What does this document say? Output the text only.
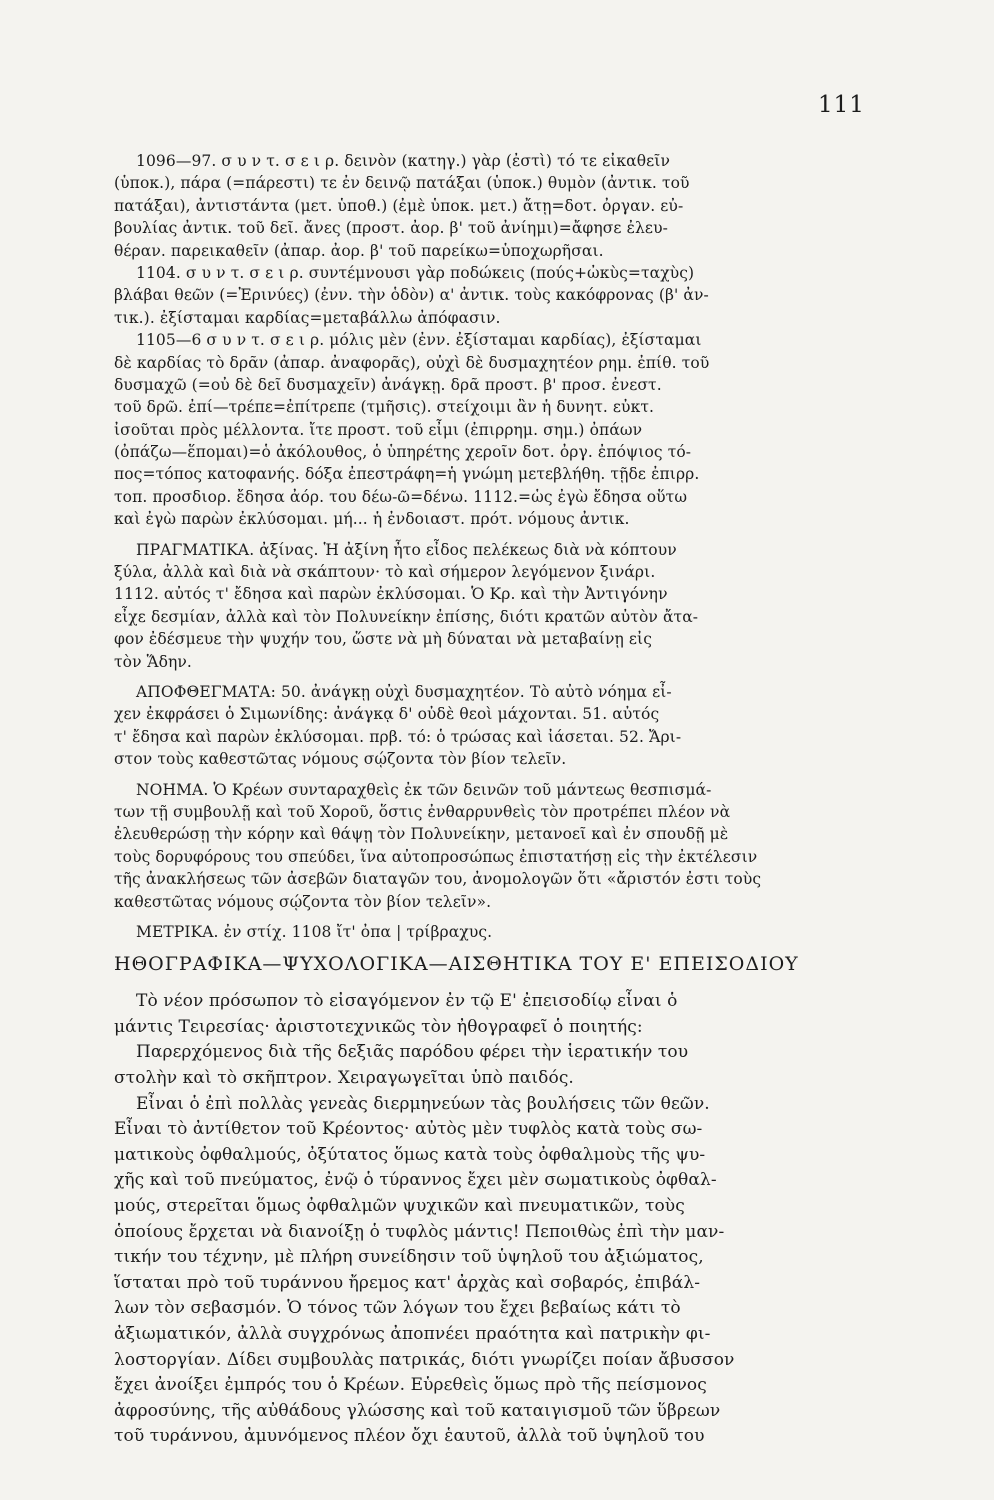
111
1096—97. σ υ ν τ. σ ε ι ρ. δεινὸν (κατηγ.) γὰρ (ἐστὶ) τό τε εἰκαθεῖν
(ὑποκ.), πάρα (=πάρεστι) τε ἐν δεινῷ πατάξαι (ὑποκ.) θυμὸν (ἀντικ. τοῦ
πατάξαι), ἀντιστάντα (μετ. ὑποθ.) (ἐμὲ ὑποκ. μετ.) ἄτῃ=δοτ. ὀργαν. εὐ-
βουλίας ἀντικ. τοῦ δεῖ. ἄνες (προστ. ἀορ. β' τοῦ ἀνίημι)=ἄφησε ἐλευ-
θέραν. παρεικαθεῖν (ἀπαρ. ἀορ. β' τοῦ παρείκω=ὑποχωρῆσαι.
1104. σ υ ν τ. σ ε ι ρ. συντέμνουσι γὰρ ποδώκεις (πούς+ὠκὺς=ταχὺς)
βλάβαι θεῶν (=Ἐρινύες) (ἐνν. τὴν ὁδὸν) α' ἀντικ. τοὺς κακόφρονας (β' ἀν-
τικ.). ἐξίσταμαι καρδίας=μεταβάλλω ἀπόφασιν.
1105—6 σ υ ν τ. σ ε ι ρ. μόλις μὲν (ἐνν. ἐξίσταμαι καρδίας), ἐξίσταμαι
δὲ καρδίας τὸ δρᾶν (ἀπαρ. ἀναφορᾶς), οὐχὶ δὲ δυσμαχητέον ρημ. ἐπίθ. τοῦ
δυσμαχῶ (=οὐ δὲ δεῖ δυσμαχεῖν) ἀνάγκῃ. δρᾶ προστ. β' προσ. ἐνεστ.
τοῦ δρῶ. ἐπί—τρέπε=ἐπίτρεπε (τμῆσις). στείχοιμι ἂν ἡ δυνητ. εὐκτ.
ἰσοῦται πρὸς μέλλοντα. ἴτε προστ. τοῦ εἶμι (ἐπιρρημ. σημ.) ὀπάων
(ὀπάζω—ἕπομαι)=ὁ ἀκόλουθος, ὁ ὑπηρέτης χεροῖν δοτ. ὀργ. ἐπόψιος τό-
πος=τόπος κατοφανής. δόξα ἐπεστράφη=ἡ γνώμη μετεβλήθη. τῇδε ἐπιρρ.
τοπ. προσδιορ. ἔδησα ἀόρ. του δέω-ῶ=δένω. 1112.=ὡς ἐγὼ ἔδησα οὕτω
καὶ ἐγὼ παρὼν ἐκλύσομαι. μή... ἡ ἐνδοιαστ. πρότ. νόμους ἀντικ.
ΠΡΑΓΜΑΤΙΚΑ. ἀξίνας. Ἡ ἀξίνη ἦτο εἶδος πελέκεως διὰ νὰ κόπτουν
ξύλα, ἀλλὰ καὶ διὰ νὰ σκάπτουν· τὸ καὶ σήμερον λεγόμενον ξινάρι.
1112. αὐτός τ' ἔδησα καὶ παρὼν ἐκλύσομαι. Ὁ Κρ. καὶ τὴν Ἀντιγόνην
εἶχε δεσμίαν, ἀλλὰ καὶ τὸν Πολυνείκην ἐπίσης, διότι κρατῶν αὐτὸν ἄτα-
φον ἐδέσμευε τὴν ψυχήν του, ὥστε νὰ μὴ δύναται νὰ μεταβαίνῃ εἰς
τὸν Ἅδην.
ΑΠΟΦΘΕΓΜΑΤΑ: 50. ἀνάγκῃ οὐχὶ δυσμαχητέον. Τὸ αὐτὸ νόημα εἶ-
χεν ἐκφράσει ὁ Σιμωνίδης: ἀνάγκᾳ δ' οὐδὲ θεοὶ μάχονται. 51. αὐτός
τ' ἔδησα καὶ παρὼν ἐκλύσομαι. πρβ. τό: ὁ τρώσας καὶ ἰάσεται. 52. Ἄρι-
στον τοὺς καθεστῶτας νόμους σῴζοντα τὸν βίον τελεῖν.
ΝΟΗΜΑ. Ὁ Κρέων συνταραχθεὶς ἐκ τῶν δεινῶν τοῦ μάντεως θεσπισμά-
των τῇ συμβουλῇ καὶ τοῦ Χοροῦ, ὅστις ἐνθαρρυνθεὶς τὸν προτρέπει πλέον νὰ
ἐλευθερώσῃ τὴν κόρην καὶ θάψῃ τὸν Πολυνείκην, μετανοεῖ καὶ ἐν σπουδῇ μὲ
τοὺς δορυφόρους του σπεύδει, ἵνα αὐτοπροσώπως ἐπιστατήσῃ εἰς τὴν ἐκτέλεσιν
τῆς ἀνακλήσεως τῶν ἀσεβῶν διαταγῶν του, ἀνομολογῶν ὅτι «ἄριστόν ἐστι τοὺς
καθεστῶτας νόμους σῴζοντα τὸν βίον τελεῖν».
ΜΕΤΡΙΚΑ. ἐν στίχ. 1108 ἴτ' ὀπα | τρίβραχυς.
ΗΘΟΓΡΑΦΙΚΑ—ΨΥΧΟΛΟΓΙΚΑ—ΑΙΣΘΗΤΙΚΑ ΤΟΥ Ε' ΕΠΕΙΣΟΔΙΟΥ
Τὸ νέον πρόσωπον τὸ εἰσαγόμενον ἐν τῷ Ε' ἐπεισοδίῳ εἶναι ὁ
μάντις Τειρεσίας· ἀριστοτεχνικῶς τὸν ἠθογραφεῖ ὁ ποιητής:
Παρερχόμενος διὰ τῆς δεξιᾶς παρόδου φέρει τὴν ἱερατικήν του
στολὴν καὶ τὸ σκῆπτρον. Χειραγωγεῖται ὑπὸ παιδός.
Εἶναι ὁ ἐπὶ πολλὰς γενεὰς διερμηνεύων τὰς βουλήσεις τῶν θεῶν.
Εἶναι τὸ ἀντίθετον τοῦ Κρέοντος· αὐτὸς μὲν τυφλὸς κατὰ τοὺς σω-
ματικοὺς ὀφθαλμούς, ὀξύτατος ὅμως κατὰ τοὺς ὀφθαλμοὺς τῆς ψυ-
χῆς καὶ τοῦ πνεύματος, ἐνῷ ὁ τύραννος ἔχει μὲν σωματικοὺς ὀφθαλ-
μούς, στερεῖται ὅμως ὀφθαλμῶν ψυχικῶν καὶ πνευματικῶν, τοὺς
ὁποίους ἔρχεται νὰ διανοίξῃ ὁ τυφλὸς μάντις! Πεποιθὼς ἐπὶ τὴν μαν-
τικήν του τέχνην, μὲ πλήρη συνείδησιν τοῦ ὑψηλοῦ του ἀξιώματος,
ἵσταται πρὸ τοῦ τυράννου ἤρεμος κατ' ἀρχὰς καὶ σοβαρός, ἐπιβάλ-
λων τὸν σεβασμόν. Ὁ τόνος τῶν λόγων του ἔχει βεβαίως κάτι τὸ
ἀξιωματικόν, ἀλλὰ συγχρόνως ἀποπνέει πραότητα καὶ πατρικὴν φι-
λοστοργίαν. Δίδει συμβουλὰς πατρικάς, διότι γνωρίζει ποίαν ἄβυσσον
ἔχει ἀνοίξει ἐμπρός του ὁ Κρέων. Εὑρεθεὶς ὅμως πρὸ τῆς πείσμονος
ἀφροσύνης, τῆς αὐθάδους γλώσσης καὶ τοῦ καταιγισμοῦ τῶν ὕβρεων
τοῦ τυράννου, ἀμυνόμενος πλέον ὄχι ἑαυτοῦ, ἀλλὰ τοῦ ὑψηλοῦ του
